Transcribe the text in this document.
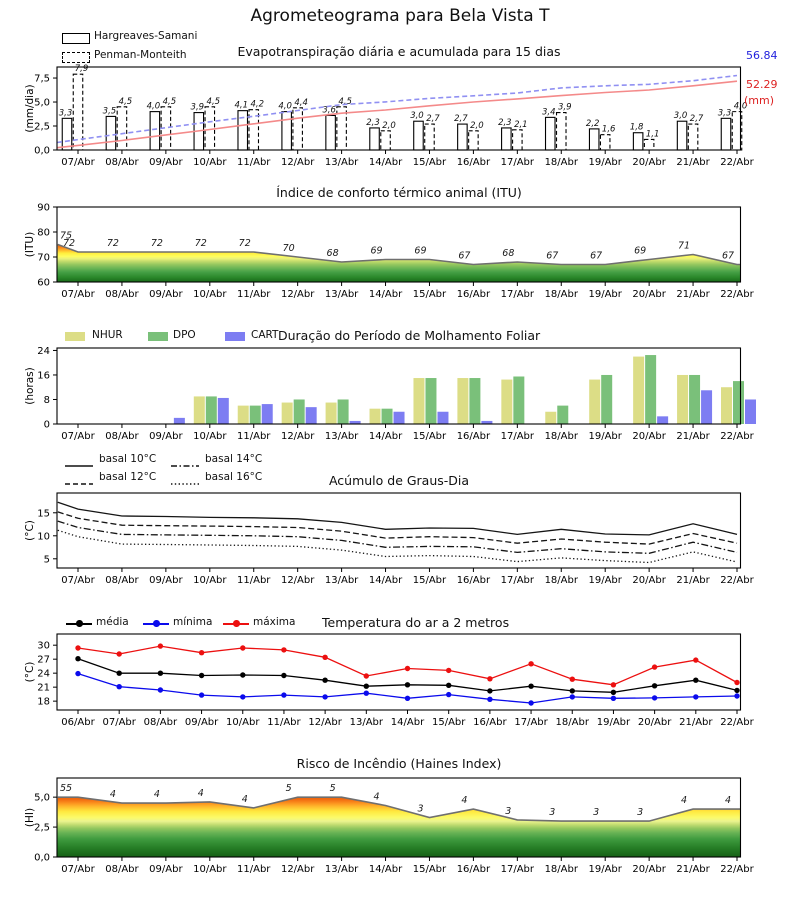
3,3	3,5	4,0	3,9	4,1	4,0	3,6
2,3
3,0	2,7	2,3
3,4
2,2	1,8
3,0	3,3
7,9
4,5	4,5	4,5	4,2	4,4	4,5
2,0
2,7
2,0	2,1
3,9
1,6	1,1
2,7
4,0
0,0
2,5
5,0
7,5
07/Abr 08/Abr 09/Abr 10/Abr 11/Abr 12/Abr 13/Abr 14/Abr 15/Abr 16/Abr 17/Abr 18/Abr 19/Abr 20/Abr 21/Abr 22/Abr
(mm/dia)
75
72	72	72	72	72	70	68	69	69	67	68	67	67	69	71
67
60
70
80
90
07/Abr 08/Abr 09/Abr 10/Abr 11/Abr 12/Abr 13/Abr 14/Abr 15/Abr 16/Abr 17/Abr 18/Abr 19/Abr 20/Abr 21/Abr 22/Abr
(ITU)
0
8
16
24
07/Abr 08/Abr 09/Abr 10/Abr 11/Abr 12/Abr 13/Abr 14/Abr 15/Abr 16/Abr 17/Abr 18/Abr 19/Abr 20/Abr 21/Abr 22/Abr
(horas)
5
10
15
07/Abr 08/Abr 09/Abr 10/Abr 11/Abr 12/Abr 13/Abr 14/Abr 15/Abr 16/Abr 17/Abr 18/Abr 19/Abr 20/Abr 21/Abr 22/Abr
(°C)
18
21
24
27
30
06/Abr 07/Abr 08/Abr 09/Abr 10/Abr 11/Abr 12/Abr 13/Abr 14/Abr 15/Abr 16/Abr 17/Abr 18/Abr 19/Abr 20/Abr 21/Abr 22/Abr
(°C)
5 5
4	4	4
4
5	5
4
3
4
3	3	3	3
4	4
0,0
2,5
5,0
07/Abr 08/Abr 09/Abr 10/Abr 11/Abr 12/Abr 13/Abr 14/Abr 15/Abr 16/Abr 17/Abr 18/Abr 19/Abr 20/Abr 21/Abr 22/Abr
(HI)
Agrometeograma para Bela Vista T
Hargreaves-Samani
Penman-Monteith	Evapotranspiração diária e acumulada para 15 dias	56.84
52.29
(mm)
Índice de conforto térmico animal (ITU)
NHUR	DPO	CART Duração do Período de Molhamento Foliar
basal 10°C
basal 12°C
basal 14°C
basal 16°C	Acúmulo de Graus-Dia
média	mínima	máxima Temperatura do ar a 2 metros
Risco de Incêndio (Haines Index)
